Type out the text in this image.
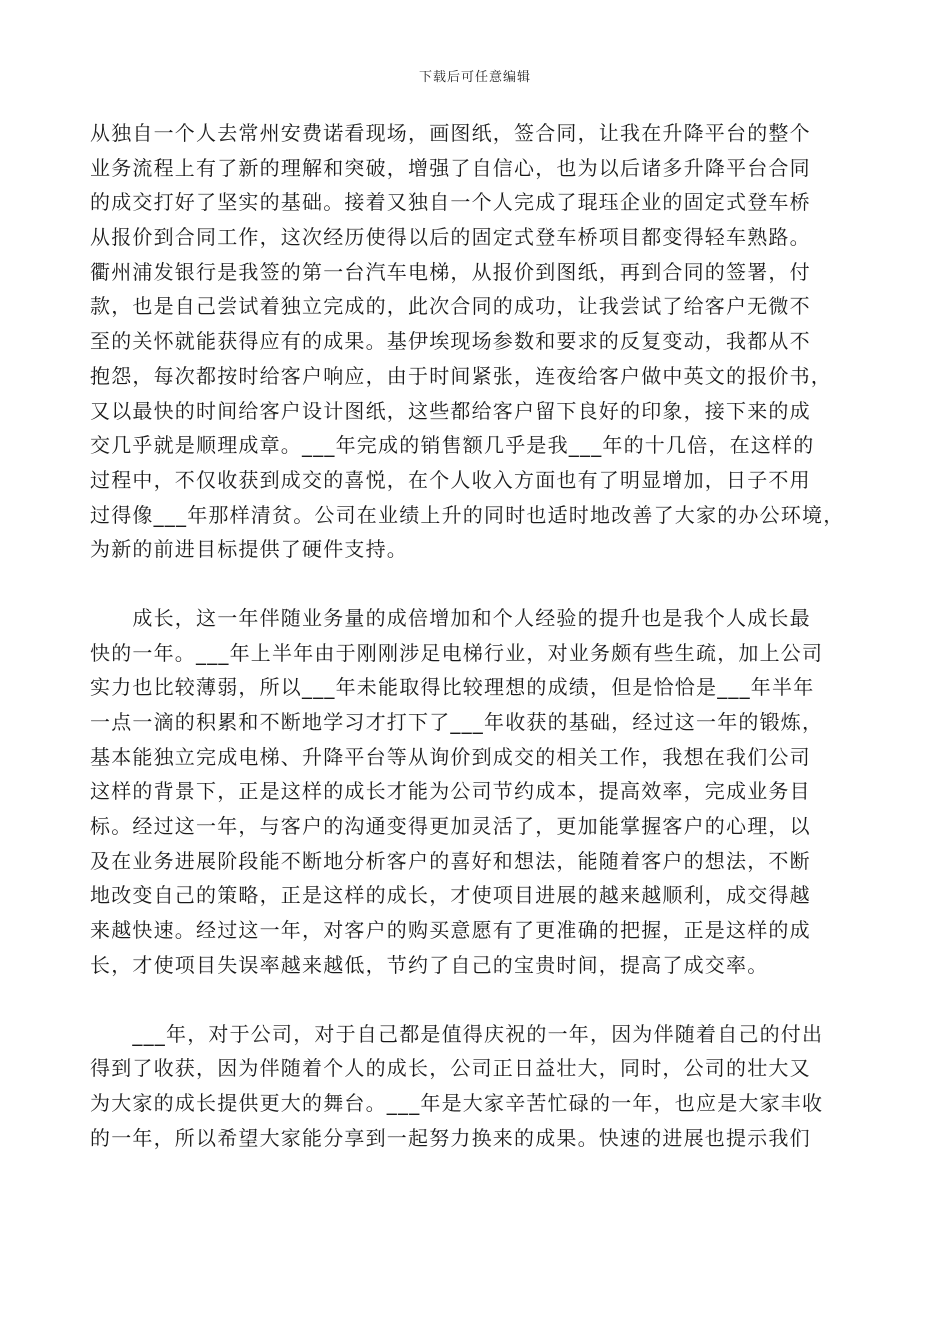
下载后可任意编辑
从独自一个人去常州安费诺看现场，画图纸，签合同，让我在升降平台的整个
业务流程上有了新的理解和突破，增强了自信心，也为以后诸多升降平台合同
的成交打好了坚实的基础。接着又独自一个人完成了琨珏企业的固定式登车桥
从报价到合同工作，这次经历使得以后的固定式登车桥项目都变得轻车熟路。
衢州浦发银行是我签的第一台汽车电梯，从报价到图纸，再到合同的签署，付
款，也是自己尝试着独立完成的，此次合同的成功，让我尝试了给客户无微不
至的关怀就能获得应有的成果。基伊埃现场参数和要求的反复变动，我都从不
抱怨，每次都按时给客户响应，由于时间紧张，连夜给客户做中英文的报价书，
又以最快的时间给客户设计图纸，这些都给客户留下良好的印象，接下来的成
交几乎就是顺理成章。___年完成的销售额几乎是我___年的十几倍，在这样的
过程中，不仅收获到成交的喜悦，在个人收入方面也有了明显增加，日子不用
过得像___年那样清贫。公司在业绩上升的同时也适时地改善了大家的办公环境，
为新的前进目标提供了硬件支持。
　　成长，这一年伴随业务量的成倍增加和个人经验的提升也是我个人成长最
快的一年。___年上半年由于刚刚涉足电梯行业，对业务颇有些生疏，加上公司
实力也比较薄弱，所以___年未能取得比较理想的成绩，但是恰恰是___年半年
一点一滴的积累和不断地学习才打下了___年收获的基础，经过这一年的锻炼，
基本能独立完成电梯、升降平台等从询价到成交的相关工作，我想在我们公司
这样的背景下，正是这样的成长才能为公司节约成本，提高效率，完成业务目
标。经过这一年，与客户的沟通变得更加灵活了，更加能掌握客户的心理，以
及在业务进展阶段能不断地分析客户的喜好和想法，能随着客户的想法，不断
地改变自己的策略，正是这样的成长，才使项目进展的越来越顺利，成交得越
来越快速。经过这一年，对客户的购买意愿有了更准确的把握，正是这样的成
长，才使项目失误率越来越低，节约了自己的宝贵时间，提高了成交率。
　　___年，对于公司，对于自己都是值得庆祝的一年，因为伴随着自己的付出
得到了收获，因为伴随着个人的成长，公司正日益壮大，同时，公司的壮大又
为大家的成长提供更大的舞台。___年是大家辛苦忙碌的一年，也应是大家丰收
的一年，所以希望大家能分享到一起努力换来的成果。快速的进展也提示我们
